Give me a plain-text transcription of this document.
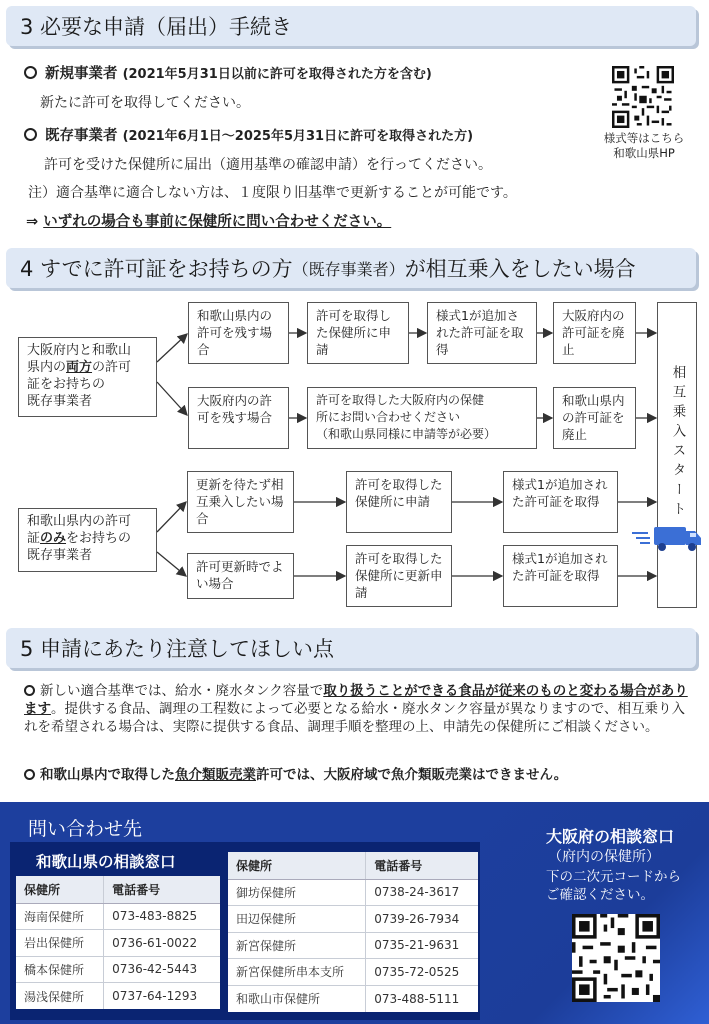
3 必要な申請（届出）手続き
新規事業者 (2021年5月31日以前に許可を取得された方を含む)
新たに許可を取得してください。
既存事業者 (2021年6月1日～2025年5月31日に許可を取得された方)
許可を受けた保健所に届出（適用基準の確認申請）を行ってください。
注）適合基準に適合しない方は、１度限り旧基準で更新することが可能です。
⇒ いずれの場合も事前に保健所に問い合わせください。
様式等はこちら
和歌山県HP
4 すでに許可証をお持ちの方 （既存事業者） が相互乗入をしたい場合
大阪府内と和歌山
県内の両方の許可
証をお持ちの
既存事業者
和歌山県内の許可を残す場合
許可を取得した保健所に申請
様式1が追加された許可証を取得
大阪府内の許可証を廃止
大阪府内の許可を残す場合
許可を取得した大阪府内の保健
所にお問い合わせください
（和歌山県同様に申請等が必要）
和歌山県内の許可証を廃止
和歌山県内の許可
証のみをお持ちの
既存事業者
更新を待たず相互乗入したい場合
許可を取得した保健所に申請
様式1が追加された許可証を取得
許可更新時でよい場合
許可を取得した保健所に更新申請
様式1が追加された許可証を取得
相互乗入スタート
5 申請にあたり注意してほしい点
新しい適合基準では、給水・廃水タンク容量で取り扱うことができる食品が従来のものと変わる場合があります。提供する食品、調理の工程数によって必要となる給水・廃水タンク容量が異なりますので、相互乗り入れを希望される場合は、実際に提供する食品、調理手順を整理の上、申請先の保健所にご相談ください。
和歌山県内で取得した魚介類販売業許可では、大阪府域で魚介類販売業はできません。
問い合わせ先
和歌山県の相談窓口
保健所	電話番号
海南保健所	073-483-8825
岩出保健所	0736-61-0022
橋本保健所	0736-42-5443
湯浅保健所	0737-64-1293
保健所	電話番号
御坊保健所	0738-24-3617
田辺保健所	0739-26-7934
新宮保健所	0735-21-9631
新宮保健所串本支所	0735-72-0525
和歌山市保健所	073-488-5111
大阪府の相談窓口
（府内の保健所）
下の二次元コードから
ご確認ください。
